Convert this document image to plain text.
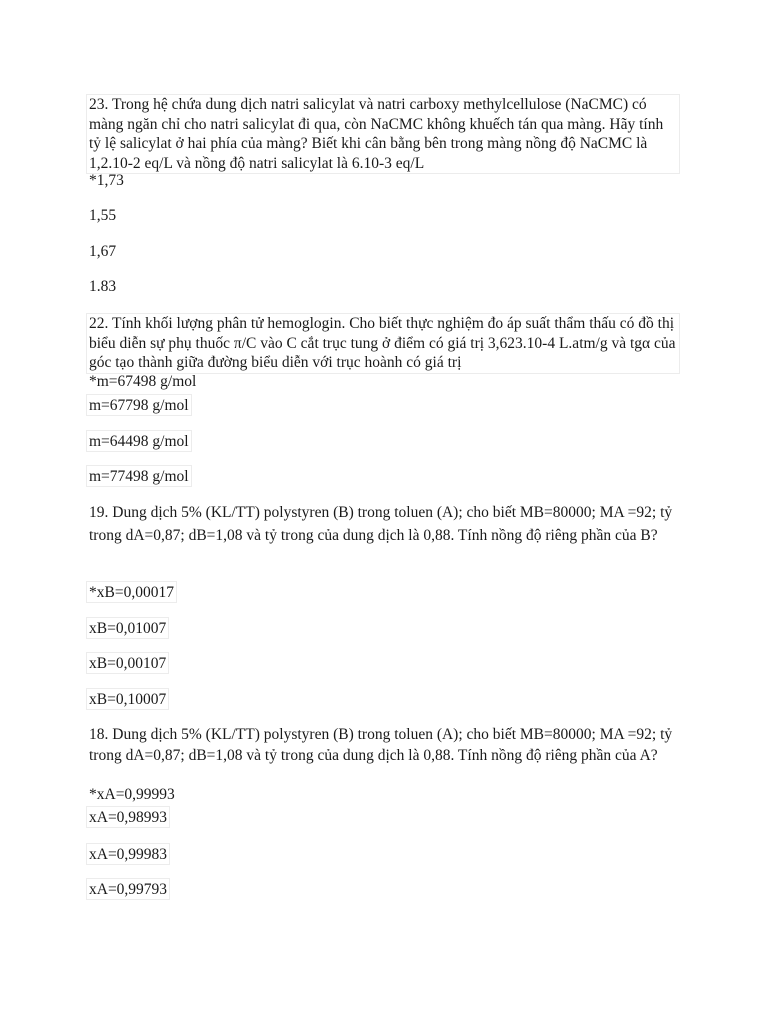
23. Trong hệ chứa dung dịch natri salicylat và natri carboxy methylcellulose (NaCMC) có màng ngăn chỉ cho natri salicylat đi qua, còn NaCMC không khuếch tán qua màng. Hãy tính tỷ lệ salicylat ở hai phía của màng? Biết khi cân bằng bên trong màng nồng độ NaCMC là 1,2.10-2 eq/L và nồng độ natri salicylat là 6.10-3 eq/L
*1,73
1,55
1,67
1.83
22. Tính khối lượng phân tử hemoglogin. Cho biết thực nghiệm đo áp suất thẩm thấu có đồ thị biểu diễn sự phụ thuốc π/C vào C cắt trục tung ở điểm có giá trị 3,623.10-4 L.atm/g và tgα của góc tạo thành giữa đường biểu diễn với trục hoành có giá trị
*m=67498 g/mol
m=67798 g/mol
m=64498 g/mol
m=77498 g/mol
19. Dung dịch 5% (KL/TT) polystyren (B) trong toluen (A); cho biết MB=80000; MA =92; tỷ trong dA=0,87; dB=1,08 và tỷ trong của dung dịch là 0,88. Tính nồng độ riêng phần của B?
*xB=0,00017
xB=0,01007
xB=0,00107
xB=0,10007
18. Dung dịch 5% (KL/TT) polystyren (B) trong toluen (A); cho biết MB=80000; MA =92; tỷ trong dA=0,87; dB=1,08 và tỷ trong của dung dịch là 0,88. Tính nồng độ riêng phần của A?
*xA=0,99993
xA=0,98993
xA=0,99983
xA=0,99793
